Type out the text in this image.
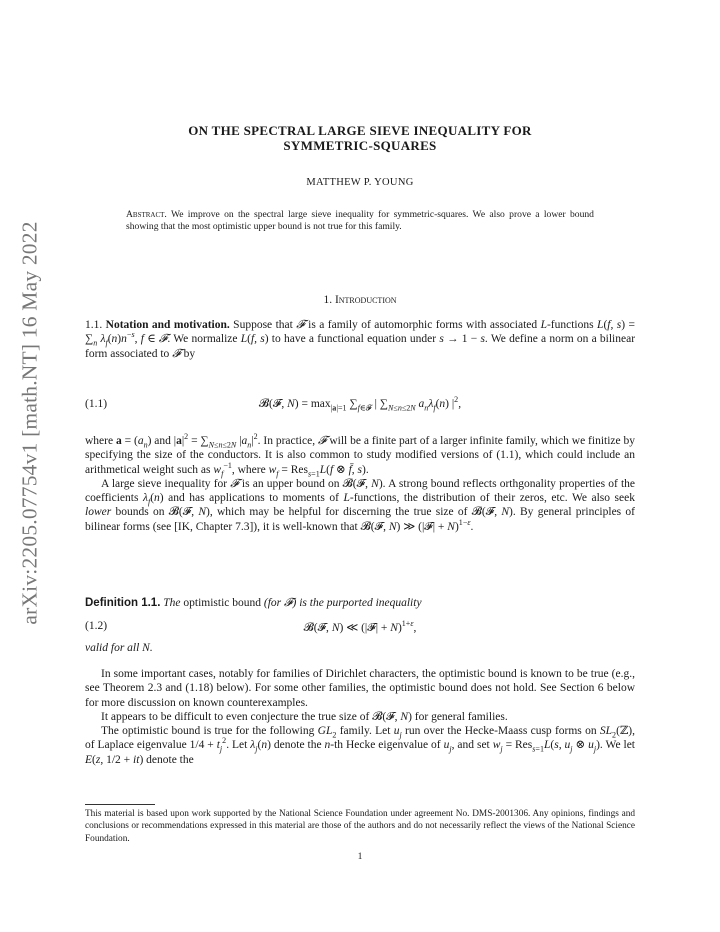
arXiv:2205.07754v1 [math.NT] 16 May 2022
ON THE SPECTRAL LARGE SIEVE INEQUALITY FOR
SYMMETRIC-SQUARES
MATTHEW P. YOUNG
Abstract. We improve on the spectral large sieve inequality for symmetric-squares. We also prove a lower bound showing that the most optimistic upper bound is not true for this family.
1. Introduction

1.1. Notation and motivation. Suppose that 𝓕 is a family of automorphic forms with associated L-functions L(f, $s) = \sum_n$ $\lambda_f(n)n^{-s}$, f ∈ 𝓕. We normalize L(f, s) to have a functional equation under s → 1 − s. We define a norm on a bilinear form associated to 𝓕 by

(1.1)	𝓑(𝓕, $N) = \max_{|a|=1} \sum_{f\in 𝓕}$ | $\sum_{N\le n\le 2N}$ $a_n\lambda_f(n)$ $|^2$,

where $a = (a_n)$ and $|a|^2 = \sum_{N\le n\le 2N}$ $|a_n|^2$. In practice, 𝓕 will be a finite part of a larger infinite family, which we finitize by specifying the size of the conductors. It is also common to study modified versions of (1.1), which could include an arithmetical weight such as $w_f^{-1}$, where $w_f = Res_{s=1}L(f$ ⊗ f̄, s).

A large sieve inequality for 𝓕 is an upper bound on 𝓑(𝓕, N). A strong bound reflects orthgonality properties of the coefficients $\lambda_f(n)$ and has applications to moments of L-functions, the distribution of their zeros, etc. We also seek lower bounds on 𝓑(𝓕, N), which may be helpful for discerning the true size of 𝓑(𝓕, N). By general principles of bilinear forms (see [IK, Chapter 7.3]), it is well-known that 𝓑(𝓕, N) ≫ (|𝓕| + N)$^{1-\varepsilon}$.

Definition 1.1. The optimistic bound (for 𝓕) is the purported inequality

(1.2)	𝓑(𝓕, N) ≪ (|𝓕| + N)$^{1+\varepsilon}$,

valid for all N.

In some important cases, notably for families of Dirichlet characters, the optimistic bound is known to be true (e.g., see Theorem 2.3 and (1.18) below). For some other families, the optimistic bound does not hold. See Section 6 below for more discussion on known counterexamples.

It appears to be difficult to even conjecture the true size of 𝓑(𝓕, N) for general families.

The optimistic bound is true for the following $GL_2$ family. Let $u_j$ run over the Hecke-Maass cusp forms on $SL_2(ℤ)$, of Laplace eigenvalue $1/4 + t_j^2$. Let $\lambda_j(n)$ denote the n-th Hecke eigenvalue of $u_j$, and set $w_j = Res_{s=1}L(s$, $u_j$ ⊗ $u_j$). We let E(z, 1/2 + it) denote the

This material is based upon work supported by the National Science Foundation under agreement No. DMS-2001306. Any opinions, findings and conclusions or recommendations expressed in this material are those of the authors and do not necessarily reflect the views of the National Science Foundation.
1
